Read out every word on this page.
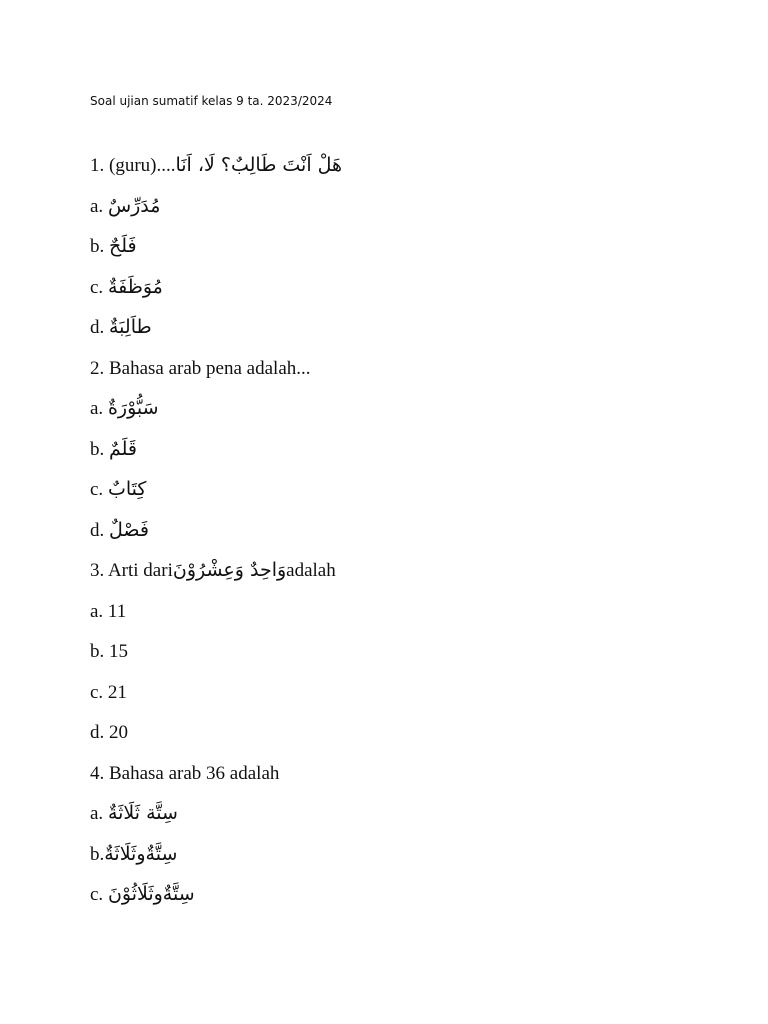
Soal ujian sumatif kelas 9 ta. 2023/2024
1. (guru)....هَلْ اَنْتَ طَالِبٌ؟ لَا، اَنَا
a. مُدَرِّسٌ
b. فَلَحٌ
c. مُوَظَفَةٌ
d. طاَلِبَةٌ
2. Bahasa arab pena adalah...
a. سَبُّوْرَةٌ
b. قَلَمٌ
c. كِتَابٌ
d. فَصْلٌ
3. Arti dariوَاحِدٌ وَعِشْرُوْنَadalah
a. 11
b. 15
c. 21
d. 20
4. Bahasa arab 36 adalah
a. سِتَّة ثَلَاثَةٌ
b.سِتَّةٌوثَلَاثَةٌ
c. سِتَّةٌوثَلَاثُوْنَ
